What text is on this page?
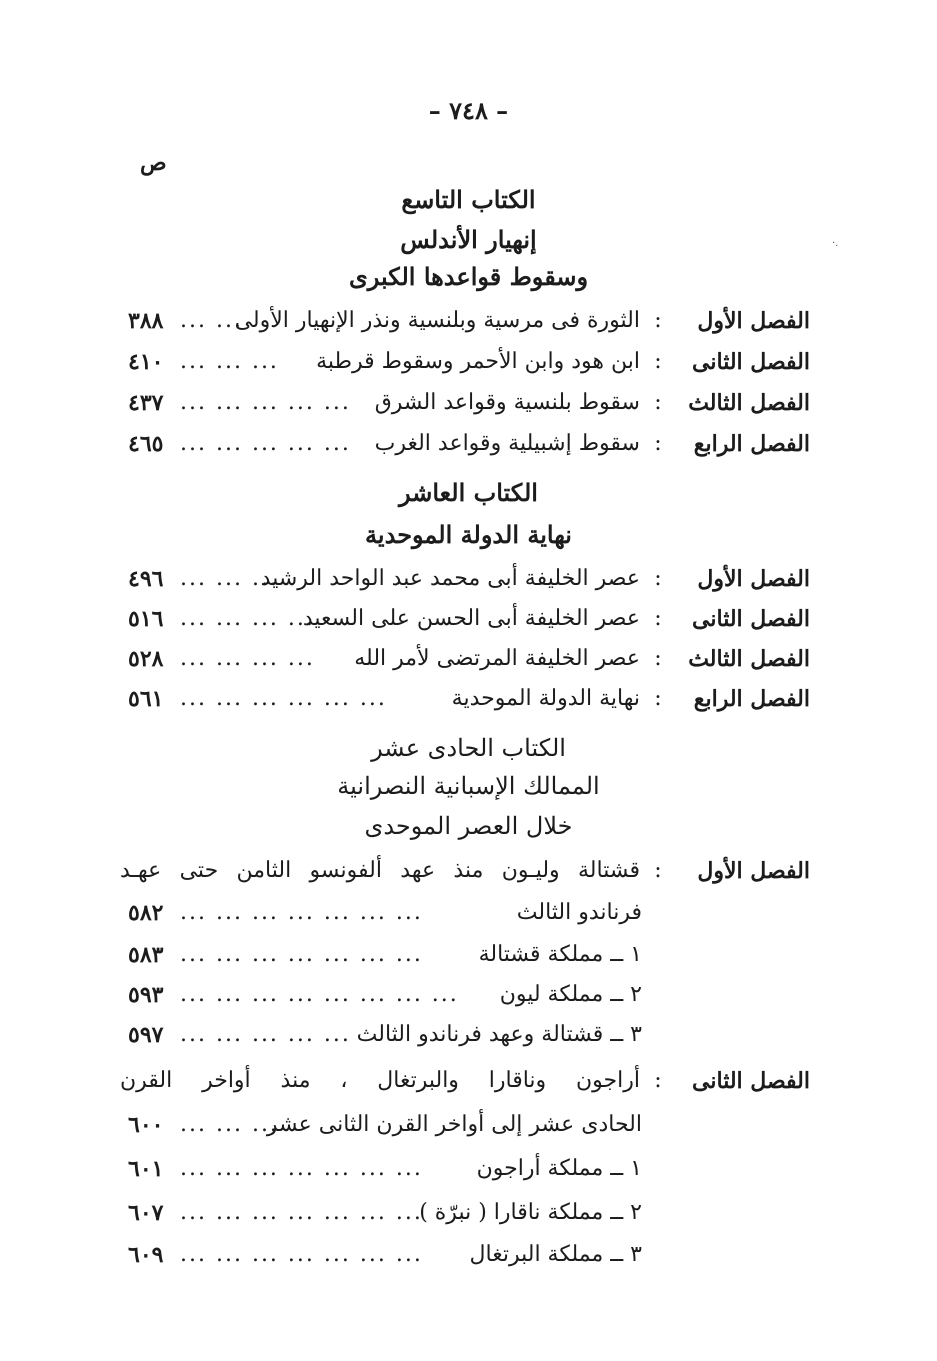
– ٧٤٨ –
ص
·.
الكتاب التاسع
إنهيار الأندلس
وسقوط قواعدها الكبرى
الفصل الأول
:
الثورة فى مرسية وبلنسية ونذر الإنهيار الأولى
... ...
٣٨٨
الفصل الثانى
:
ابن هود وابن الأحمر وسقوط قرطبة
... ... ...
٤١٠
الفصل الثالث
:
سقوط بلنسية وقواعد الشرق
... ... ... ... ...
٤٣٧
الفصل الرابع
:
سقوط إشبيلية وقواعد الغرب
... ... ... ... ...
٤٦٥
الكتاب العاشر
نهاية الدولة الموحدية
الفصل الأول
:
عصر الخليفة أبى محمد عبد الواحد الرشيد
... ... ...
٤٩٦
الفصل الثانى
:
عصر الخليفة أبى الحسن على السعيد
... ... ... ...
٥١٦
الفصل الثالث
:
عصر الخليفة المرتضى لأمر الله
... ... ... ...
٥٢٨
الفصل الرابع
:
نهاية الدولة الموحدية
... ... ... ... ... ...
٥٦١
الكتاب الحادى عشر
الممالك الإسبانية النصرانية
خلال العصر الموحدى
الفصل الأول
:
قشتالة وليـون منذ عهد ألفونسو الثامن حتى عهـد
فرناندو الثالث
... ... ... ... ... ... ...
٥٨٢
١ ــ مملكة قشتالة
... ... ... ... ... ... ...
٥٨٣
٢ ــ مملكة ليون
... ... ... ... ... ... ... ...
٥٩٣
٣ ــ قشتالة وعهد فرناندو الثالث
... ... ... ... ...
٥٩٧
الفصل الثانى
:
أراجون وناقارا والبرتغال ، منذ أواخر القرن
الحادى عشر إلى أواخر القرن الثانى عشر
... ... ...
٦٠٠
١ ــ مملكة أراجون
... ... ... ... ... ... ...
٦٠١
٢ ــ مملكة ناقارا ( نبرّة )
... ... ... ... ... ... ...
٦٠٧
٣ ــ مملكة البرتغال
... ... ... ... ... ... ...
٦٠٩
